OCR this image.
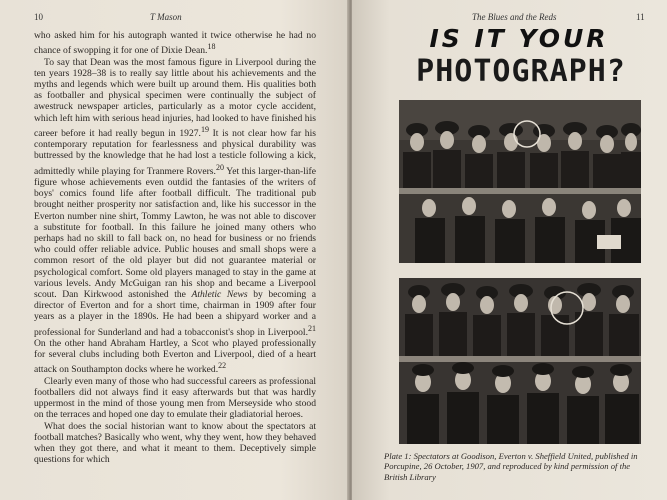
10	T Mason

who asked him for his autograph wanted it twice otherwise he had no chance of swopping it for one of Dixie Dean.$^{18}$

To say that Dean was the most famous figure in Liverpool during the ten years 1928–38 is to really say little about his achievements and the myths and legends which were built up around them. His qualities both as footballer and physical specimen were continually the subject of awestruck newspaper articles, particularly as a motor cycle accident, which left him with serious head injuries, had looked to have finished his career before it had really begun in 1927.19 It is not clear how far his contemporary reputation for fearlessness and physical durability was buttressed by the knowledge that he had lost a testicle following a kick, admittedly while playing for Tranmere Rovers.$^{20}$ Yet this larger-than-life figure whose achievements even outdid the fantasies of the writers of boys' comics found life after football difficult. The traditional pub brought neither prosperity nor satisfaction and, like his successor in the Everton number nine shirt, Tommy Lawton, he was not able to discover a substitute for football. In this failure he joined many others who perhaps had no skill to fall back on, no head for business or no friends who could offer reliable advice. Public houses and small shops were a common resort of the old player but did not guarantee material or psychological comfort. Some old players managed to stay in the game at various levels. Andy McGuigan ran his shop and became a Liverpool scout. Dan Kirkwood astonished the Athletic News by becoming a director of Everton and for a short time, chairman in 1909 after four years as a player in the 1890s. He had been a shipyard worker and a professional for Sunderland and had a tobacconist's shop in Liverpool.$^{21}$ On the other hand Abraham Hartley, a Scot who played professionally for several clubs including both Everton and Liverpool, died of a heart attack on Southampton docks where he worked.$^{22}$

Clearly even many of those who had successful careers as professional footballers did not always find it easy afterwards but that was hardly uppermost in the mind of those young men from Merseyside who stood on the terraces and hoped one day to emulate their gladiatorial heroes.

What does the social historian want to know about the spectators at football matches? Basically who went, why they went, how they behaved when they got there, and what it meant to them. Deceptively simple questions for which

The Blues and the Reds	11
IS IT YOUR
PHOTOGRAPH?
Plate 1: Spectators at Goodison, Everton v. Sheffield United, published in Porcupine, 26 October, 1907, and reproduced by kind permission of the British Library
